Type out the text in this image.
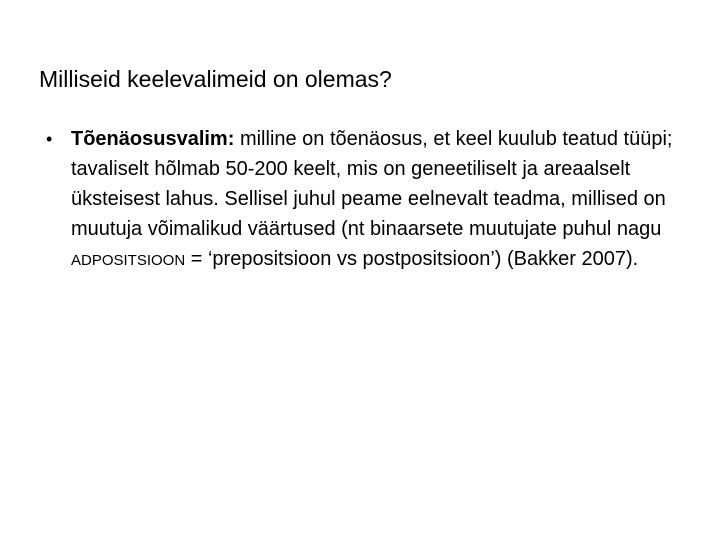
Milliseid keelevalimeid on olemas?
• Tõenäosusvalim: milline on tõenäosus, et keel kuulub teatud tüüpi; tavaliselt hõlmab 50-200 keelt, mis on geneetiliselt ja areaalselt üksteisest lahus. Sellisel juhul peame eelnevalt teadma, millised on muutuja võimalikud väärtused (nt binaarsete muutujate puhul nagu ADPOSITSIOON = ‘prepositsioon vs postpositsioon’) (Bakker 2007).
